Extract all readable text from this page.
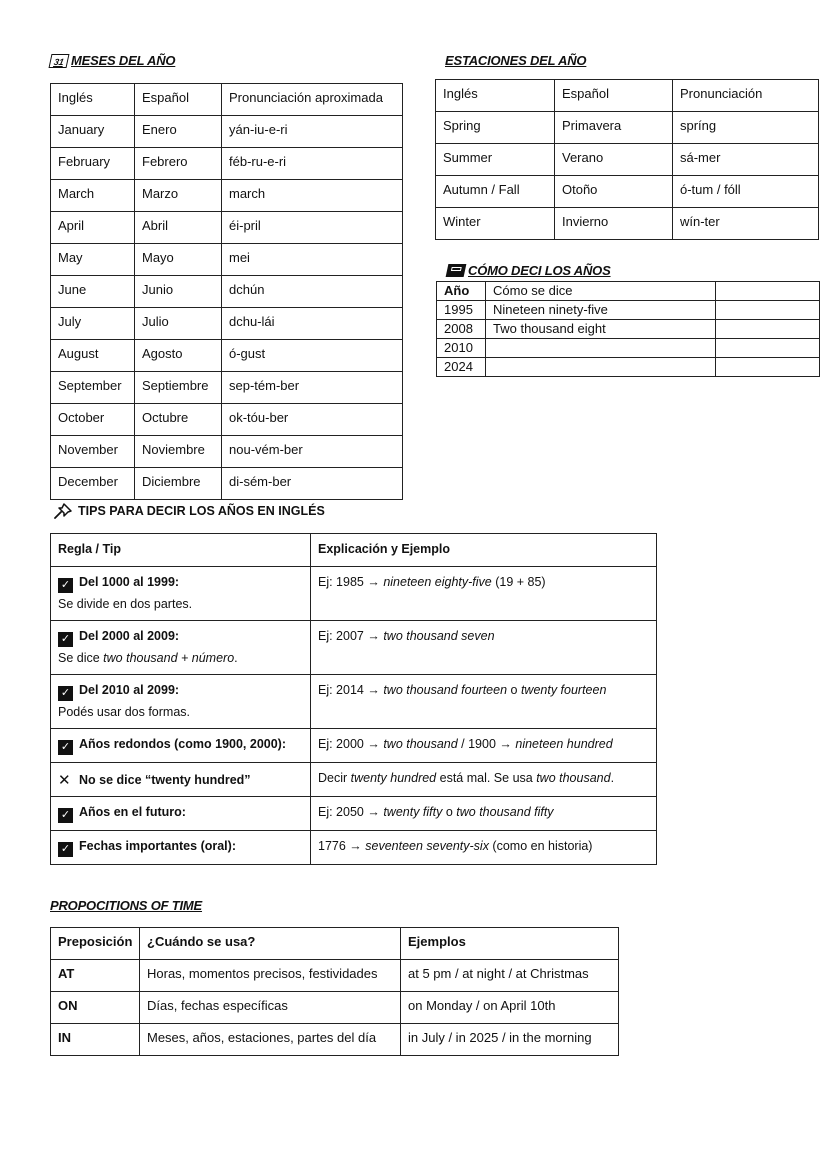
31 MESES DEL AÑO
Inglés	Español	Pronunciación aproximada
January	Enero	yán-iu-e-ri
February	Febrero	féb-ru-e-ri
March	Marzo	march
April	Abril	éi-pril
May	Mayo	mei
June	Junio	dchún
July	Julio	dchu-lái
August	Agosto	ó-gust
September	Septiembre	sep-tém-ber
October	Octubre	ok-tóu-ber
November	Noviembre	nou-vém-ber
December	Diciembre	di-sém-ber
ESTACIONES DEL AÑO
Inglés	Español	Pronunciación
Spring	Primavera	spríng
Summer	Verano	sá-mer
Autumn / Fall	Otoño	ó-tum / fóll
Winter	Invierno	wín-ter
CÓMO DECI LOS AÑOS
Año	Cómo se dice	
1995	Nineteen ninety-five	
2008	Two thousand eight	
2010		
2024		
TIPS PARA DECIR LOS AÑOS EN INGLÉS
Regla / Tip	Explicación y Ejemplo
✓ Del 1000 al 1999:
Se divide en dos partes.	Ej: 1985 → nineteen eighty-five (19 + 85)
✓ Del 2000 al 2009:
Se dice two thousand + número.	Ej: 2007 → two thousand seven
✓ Del 2010 al 2099:
Podés usar dos formas.	Ej: 2014 → two thousand fourteen o twenty fourteen
✓ Años redondos (como 1900, 2000):	Ej: 2000 → two thousand / 1900 → nineteen hundred
✕ No se dice “twenty hundred”	Decir twenty hundred está mal. Se usa two thousand.
✓ Años en el futuro:	Ej: 2050 → twenty fifty o two thousand fifty
✓ Fechas importantes (oral):	1776 → seventeen seventy-six (como en historia)
PROPOCITIONS OF TIME
Preposición	¿Cuándo se usa?	Ejemplos
AT	Horas, momentos precisos, festividades	at 5 pm / at night / at Christmas
ON	Días, fechas específicas	on Monday / on April 10th
IN	Meses, años, estaciones, partes del día	in July / in 2025 / in the morning
